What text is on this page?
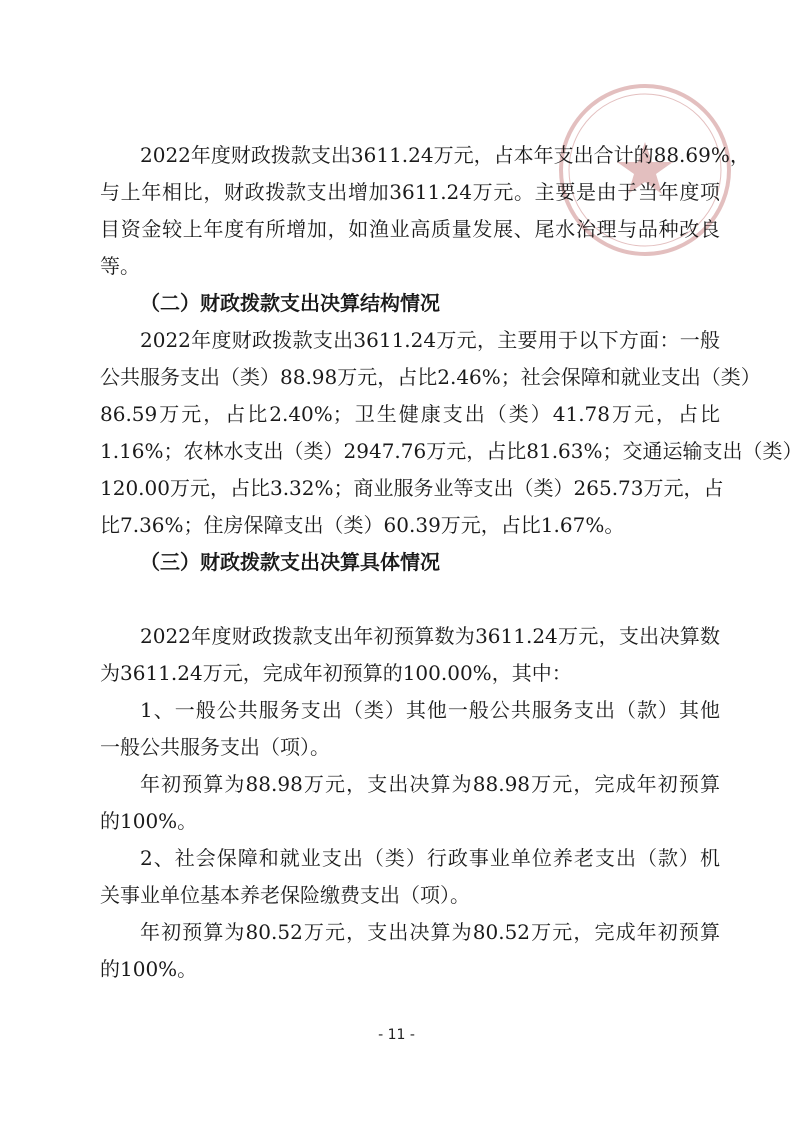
2022年度财政拨款支出3611.24万元，占本年支出合计的88.69%，
与上年相比，财政拨款支出增加3611.24万元。主要是由于当年度项
目资金较上年度有所增加，如渔业高质量发展、尾水治理与品种改良
等。
（二）财政拨款支出决算结构情况
2022年度财政拨款支出3611.24万元，主要用于以下方面：一般
公共服务支出（类）88.98万元，占比2.46%；社会保障和就业支出（类）
86.59万元，占比2.40%；卫生健康支出（类）41.78万元，占比
1.16%；农林水支出（类）2947.76万元，占比81.63%；交通运输支出（类）
120.00万元，占比3.32%；商业服务业等支出（类）265.73万元，占
比7.36%；住房保障支出（类）60.39万元，占比1.67%。
（三）财政拨款支出决算具体情况
2022年度财政拨款支出年初预算数为3611.24万元，支出决算数
为3611.24万元，完成年初预算的100.00%，其中：
1、一般公共服务支出（类）其他一般公共服务支出（款）其他
一般公共服务支出（项）。
年初预算为88.98万元，支出决算为88.98万元，完成年初预算
的100%。
2、社会保障和就业支出（类）行政事业单位养老支出（款）机
关事业单位基本养老保险缴费支出（项）。
年初预算为80.52万元，支出决算为80.52万元，完成年初预算
的100%。
- 11 -
